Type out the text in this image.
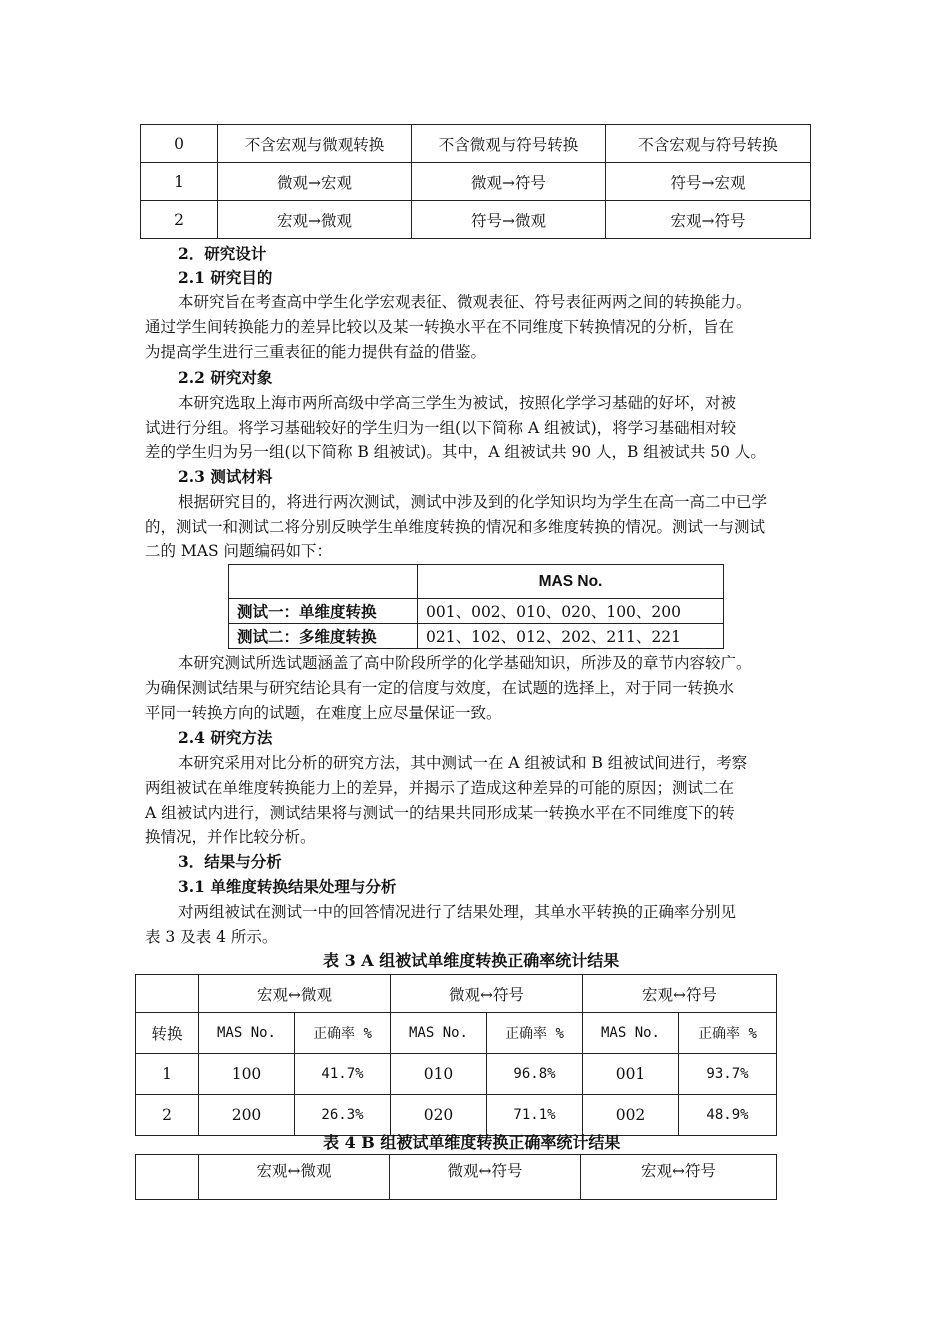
0	不含宏观与微观转换	不含微观与符号转换	不含宏观与符号转换
1	微观→宏观	微观→符号	符号→宏观
2	宏观→微观	符号→微观	宏观→符号
2．研究设计
2.1 研究目的
本研究旨在考查高中学生化学宏观表征、微观表征、符号表征两两之间的转换能力。
通过学生间转换能力的差异比较以及某一转换水平在不同维度下转换情况的分析，旨在
为提高学生进行三重表征的能力提供有益的借鉴。
2.2 研究对象
本研究选取上海市两所高级中学高三学生为被试，按照化学学习基础的好坏，对被
试进行分组。将学习基础较好的学生归为一组(以下简称 A 组被试)，将学习基础相对较
差的学生归为另一组(以下简称 B 组被试)。其中，A 组被试共 90 人，B 组被试共 50 人。
2.3 测试材料
根据研究目的，将进行两次测试，测试中涉及到的化学知识均为学生在高一高二中已学
的，测试一和测试二将分别反映学生单维度转换的情况和多维度转换的情况。测试一与测试
二的 MAS 问题编码如下：
	MAS No.
测试一：单维度转换	001、002、010、020、100、200
测试二：多维度转换	021、102、012、202、211、221
本研究测试所选试题涵盖了高中阶段所学的化学基础知识，所涉及的章节内容较广。
为确保测试结果与研究结论具有一定的信度与效度，在试题的选择上，对于同一转换水
平同一转换方向的试题，在难度上应尽量保证一致。
2.4 研究方法
本研究采用对比分析的研究方法，其中测试一在 A 组被试和 B 组被试间进行，考察
两组被试在单维度转换能力上的差异，并揭示了造成这种差异的可能的原因；测试二在
A 组被试内进行，测试结果将与测试一的结果共同形成某一转换水平在不同维度下的转
换情况，并作比较分析。
3．结果与分析
3.1 单维度转换结果处理与分析
对两组被试在测试一中的回答情况进行了结果处理，其单水平转换的正确率分别见
表 3 及表 4 所示。
表 3 A 组被试单维度转换正确率统计结果
	宏观↔微观		微观↔符号		宏观↔符号	
转换	MAS No.	正确率 %	MAS No.	正确率 %	MAS No.	正确率 %
1	100	41.7%	010	96.8%	001	93.7%
2	200	26.3%	020	71.1%	002	48.9%
表 4 B 组被试单维度转换正确率统计结果
	宏观↔微观	微观↔符号	宏观↔符号
